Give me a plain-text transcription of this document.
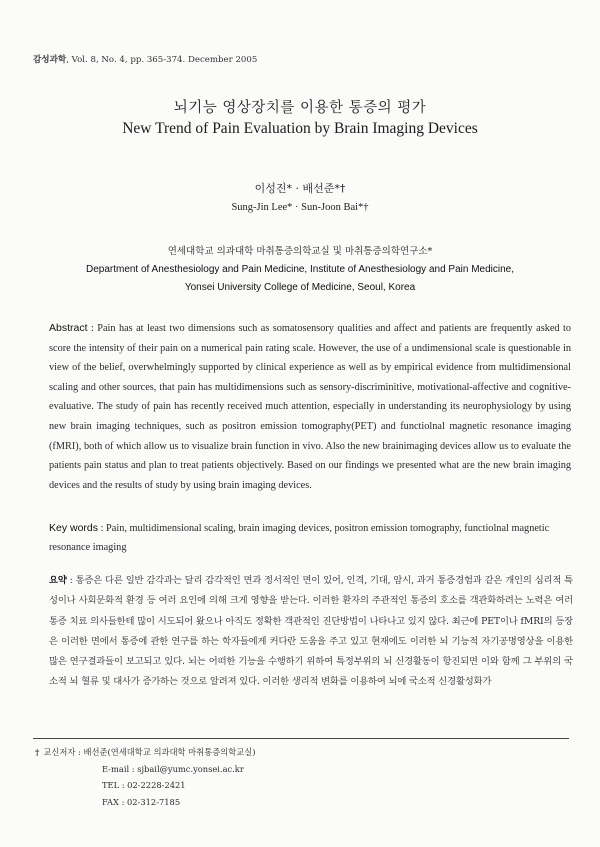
감성과학, Vol. 8, No. 4, pp. 365-374. December 2005
뇌기능 영상장치를 이용한 통증의 평가
New Trend of Pain Evaluation by Brain Imaging Devices
이성진* · 배선준*†
Sung-Jin Lee* · Sun-Joon Bai*†
연세대학교 의과대학 마취통증의학교실 및 마취통증의학연구소*
Department of Anesthesiology and Pain Medicine, Institute of Anesthesiology and Pain Medicine,
Yonsei University College of Medicine, Seoul, Korea

Abstract : Pain has at least two dimensions such as somatosensory qualities and affect and patients are frequently asked to score the intensity of their pain on a numerical pain rating scale. However, the use of a undimensional scale is questionable in view of the belief, overwhelmingly supported by clinical experience as well as by empirical evidence from multidimensional scaling and other sources, that pain has multidimensions such as sensory-discriminitive, motivational-affective and cognitive-evaluative. The study of pain has recently received much attention, especially in understanding its neurophysiology by using new brain imaging techniques, such as positron emission tomography(PET) and functiolnal magnetic resonance imaging (fMRI), both of which allow us to visualize brain function in vivo. Also the new brainimaging devices allow us to evaluate the patients pain status and plan to treat patients objectively. Based on our findings we presented what are the new brain imaging devices and the results of study by using brain imaging devices.

Key words : Pain, multidimensional scaling, brain imaging devices, positron emission tomography, functiolnal magnetic resonance imaging
요약 : 통증은 다른 일반 감각과는 달리 감각적인 면과 정서적인 면이 있어, 인격, 기대, 암시, 과거 통증경험과 같은 개인의 심리적 특성이나 사회문화적 환경 등 여러 요인에 의해 크게 영향을 받는다. 이러한 환자의 주관적인 통증의 호소를 객관화하려는 노력은 여러 통증 치료 의사들한테 많이 시도되어 왔으나 아직도 정확한 객관적인 진단방법이 나타나고 있지 않다. 최근에 PET이나 fMRI의 등장은 이러한 면에서 통증에 관한 연구를 하는 학자들에게 커다란 도움을 주고 있고 현재에도 이러한 뇌 기능적 자기공명영상을 이용한 많은 연구결과들이 보고되고 있다. 뇌는 어떠한 기능을 수행하기 위하여 특정부위의 뇌 신경활동이 항진되면 이와 함께 그 부위의 국소적 뇌 혈류 및 대사가 증가하는 것으로 알려져 있다. 이러한 생리적 변화를 이용하여 뇌에 국소적 신경활성화가
† 교신저자 : 배선준(연세대학교 의과대학 마취통증의학교실)
E-mail : sjbail@yumc.yonsei.ac.kr
TEL : 02-2228-2421
FAX : 02-312-7185
